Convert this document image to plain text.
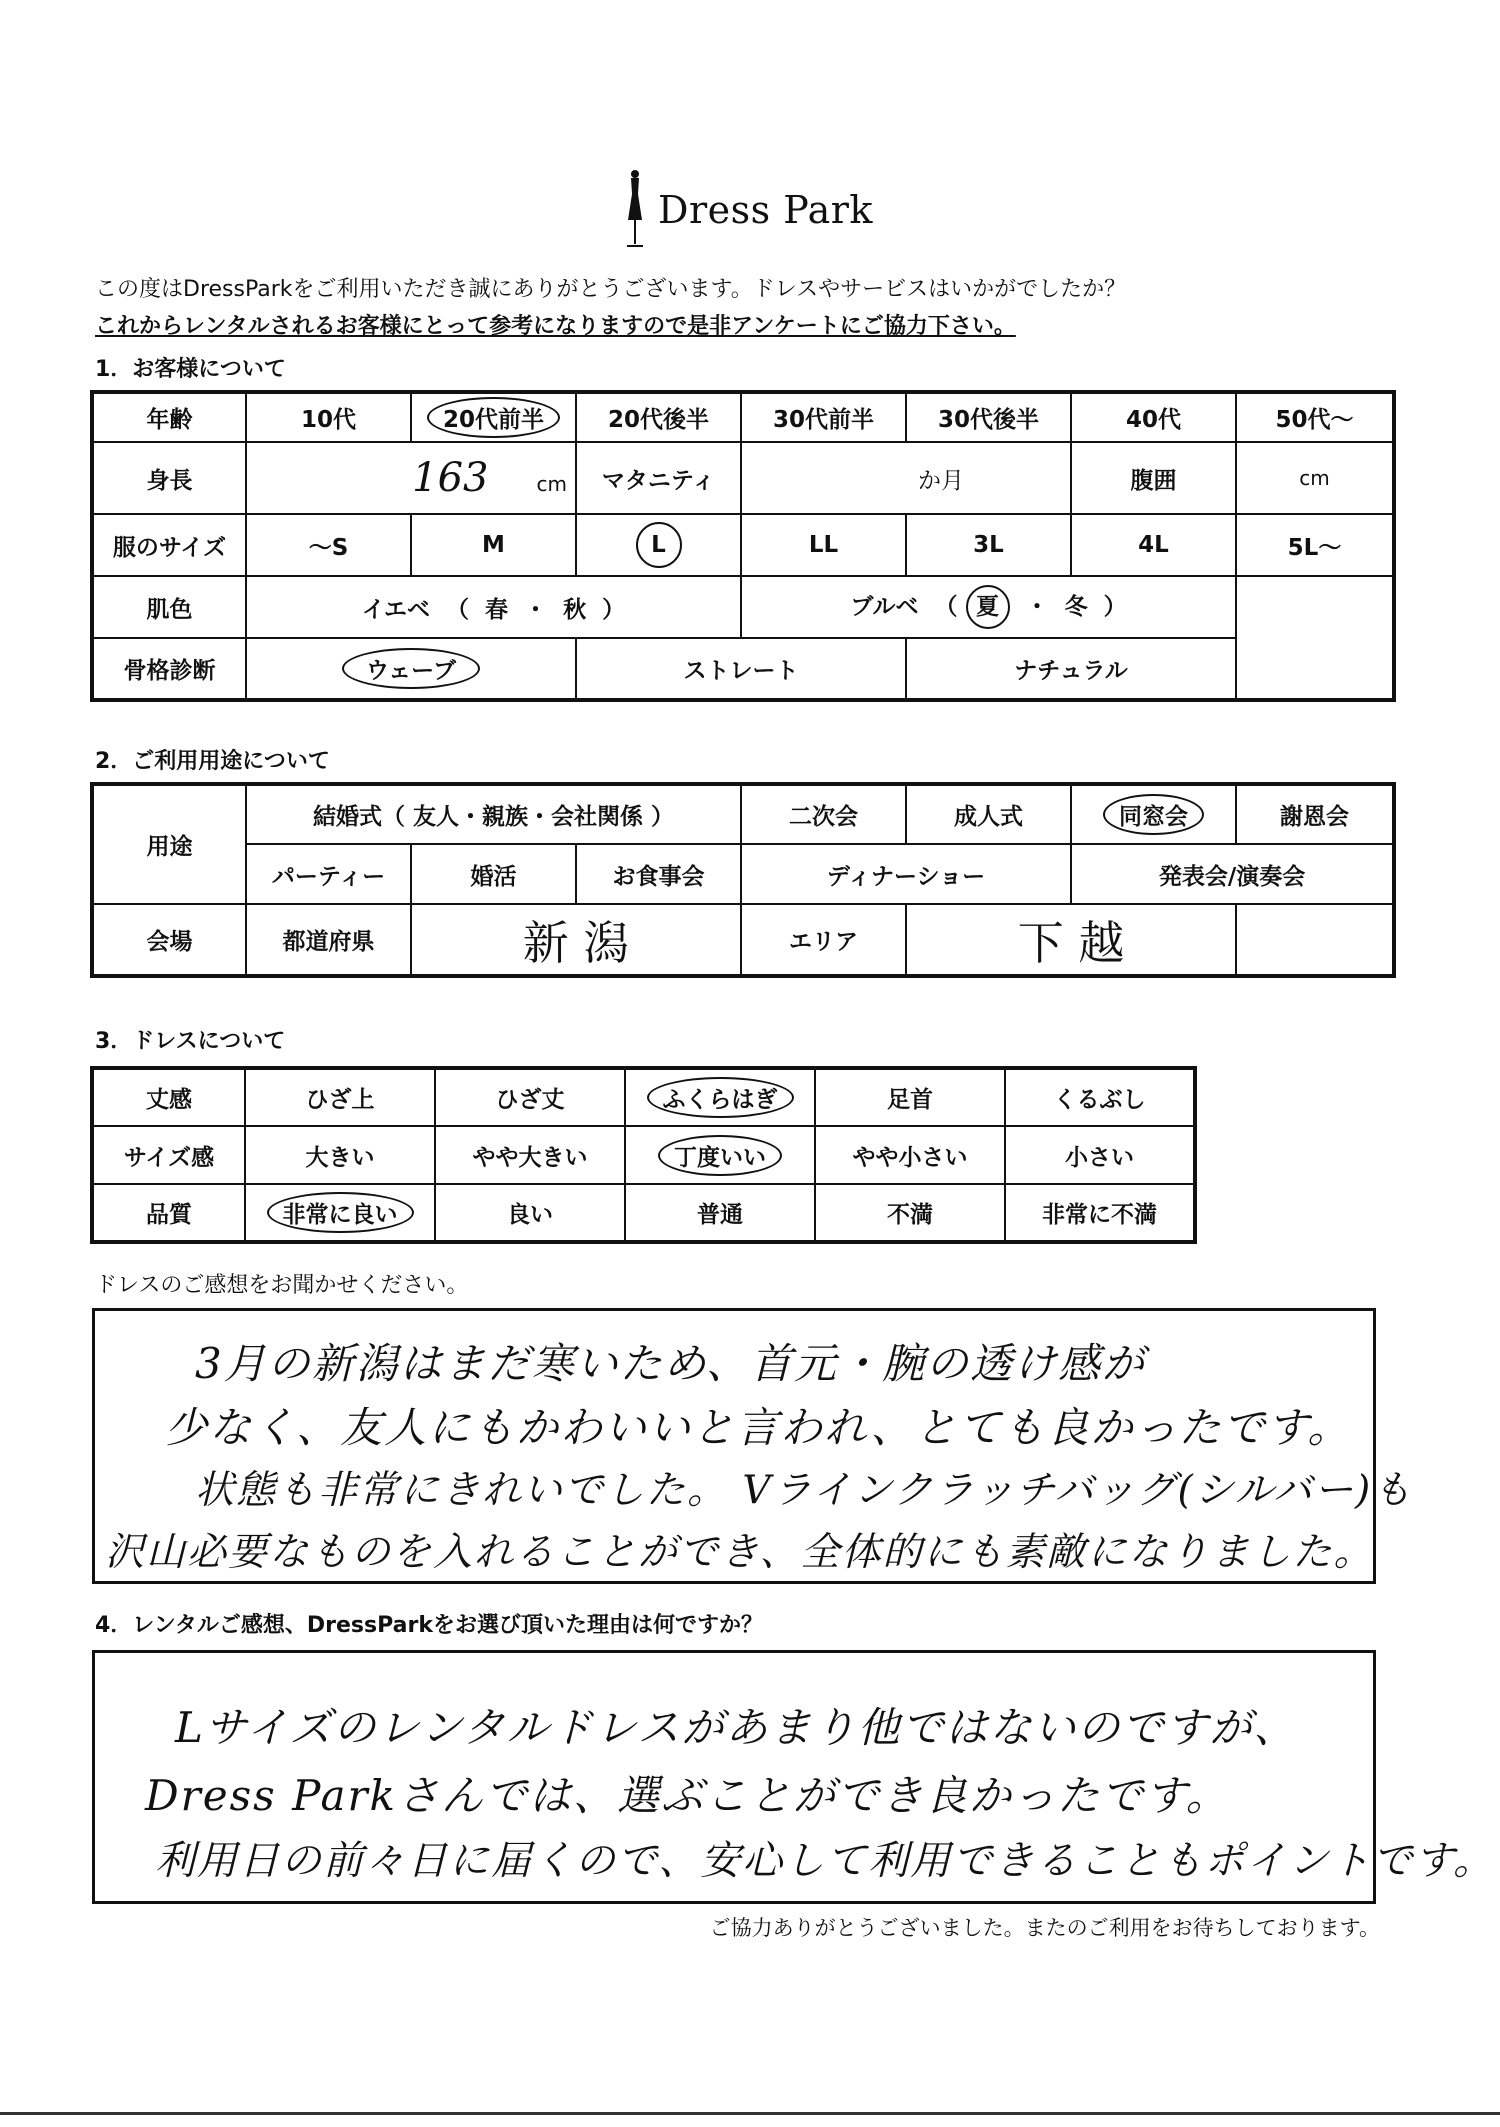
Dress Park
この度はDressParkをご利用いただき誠にありがとうございます。ドレスやサービスはいかがでしたか？
これからレンタルされるお客様にとって参考になりますので是非アンケートにご協力下さい。
1．お客様について
年齢	10代	20代前半	20代後半	30代前半	30代後半	40代	50代～
身長	163 cm		マタニティ	か月		腹囲	cm
服のサイズ	～S	M	L	LL	3L	4L	5L～
肌色	イエベ （ 春 ・ 秋 ）			ブルベ （ 夏 ・ 冬 ）			
骨格診断	ウェーブ		ストレート		ナチュラル		
2．ご利用用途について
用途	結婚式（ 友人・親族・会社関係 ）			二次会	成人式	同窓会	謝恩会
	パーティー	婚活	お食事会	ディナーショー		発表会/演奏会	
会場	都道府県	新 潟		エリア	下 越		
3．ドレスについて
丈感	ひざ上	ひざ丈	ふくらはぎ	足首	くるぶし
サイズ感	大きい	やや大きい	丁度いい	やや小さい	小さい
品質	非常に良い	良い	普通	不満	非常に不満
ドレスのご感想をお聞かせください。
3月の新潟はまだ寒いため、首元・腕の透け感が
少なく、友人にもかわいいと言われ、とても良かったです。
状態も非常にきれいでした。 Vラインクラッチバッグ(シルバー)も
沢山必要なものを入れることができ、全体的にも素敵になりました。
4．レンタルご感想、DressParkをお選び頂いた理由は何ですか？
Lサイズのレンタルドレスがあまり他ではないのですが、
Dress Parkさんでは、選ぶことができ良かったです。
利用日の前々日に届くので、安心して利用できることもポイントです。
ご協力ありがとうございました。またのご利用をお待ちしております。
